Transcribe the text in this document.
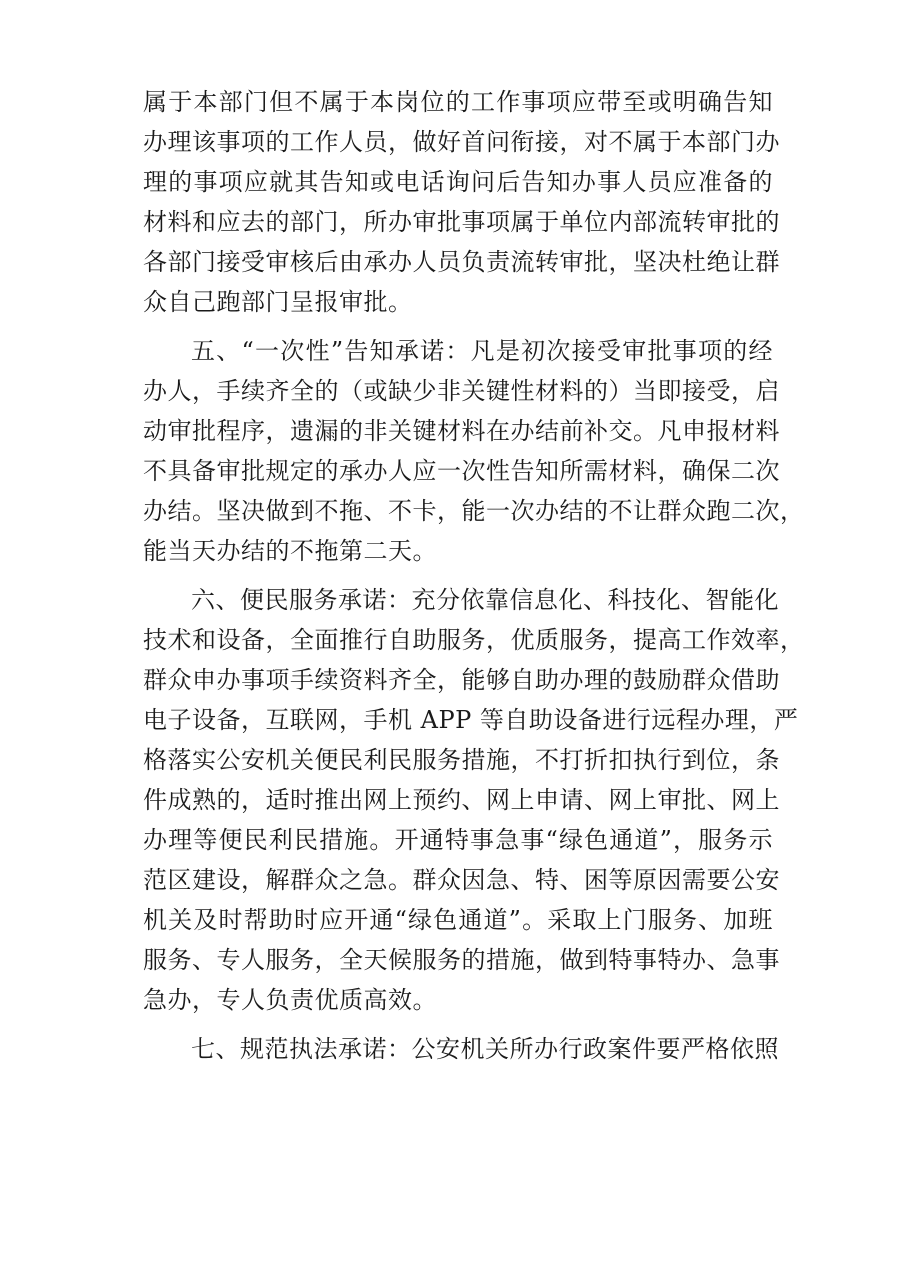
属于本部门但不属于本岗位的工作事项应带至或明确告知
办理该事项的工作人员，做好首问衔接，对不属于本部门办
理的事项应就其告知或电话询问后告知办事人员应准备的
材料和应去的部门，所办审批事项属于单位内部流转审批的
各部门接受审核后由承办人员负责流转审批，坚决杜绝让群
众自己跑部门呈报审批。
五、“一次性”告知承诺：凡是初次接受审批事项的经
办人，手续齐全的（或缺少非关键性材料的）当即接受，启
动审批程序，遗漏的非关键材料在办结前补交。凡申报材料
不具备审批规定的承办人应一次性告知所需材料，确保二次
办结。坚决做到不拖、不卡，能一次办结的不让群众跑二次，
能当天办结的不拖第二天。
六、便民服务承诺：充分依靠信息化、科技化、智能化
技术和设备，全面推行自助服务，优质服务，提高工作效率，
群众申办事项手续资料齐全，能够自助办理的鼓励群众借助
电子设备，互联网，手机 APP 等自助设备进行远程办理，严
格落实公安机关便民利民服务措施，不打折扣执行到位，条
件成熟的，适时推出网上预约、网上申请、网上审批、网上
办理等便民利民措施。开通特事急事“绿色通道”，服务示
范区建设，解群众之急。群众因急、特、困等原因需要公安
机关及时帮助时应开通“绿色通道”。采取上门服务、加班
服务、专人服务，全天候服务的措施，做到特事特办、急事
急办，专人负责优质高效。
七、规范执法承诺：公安机关所办行政案件要严格依照
